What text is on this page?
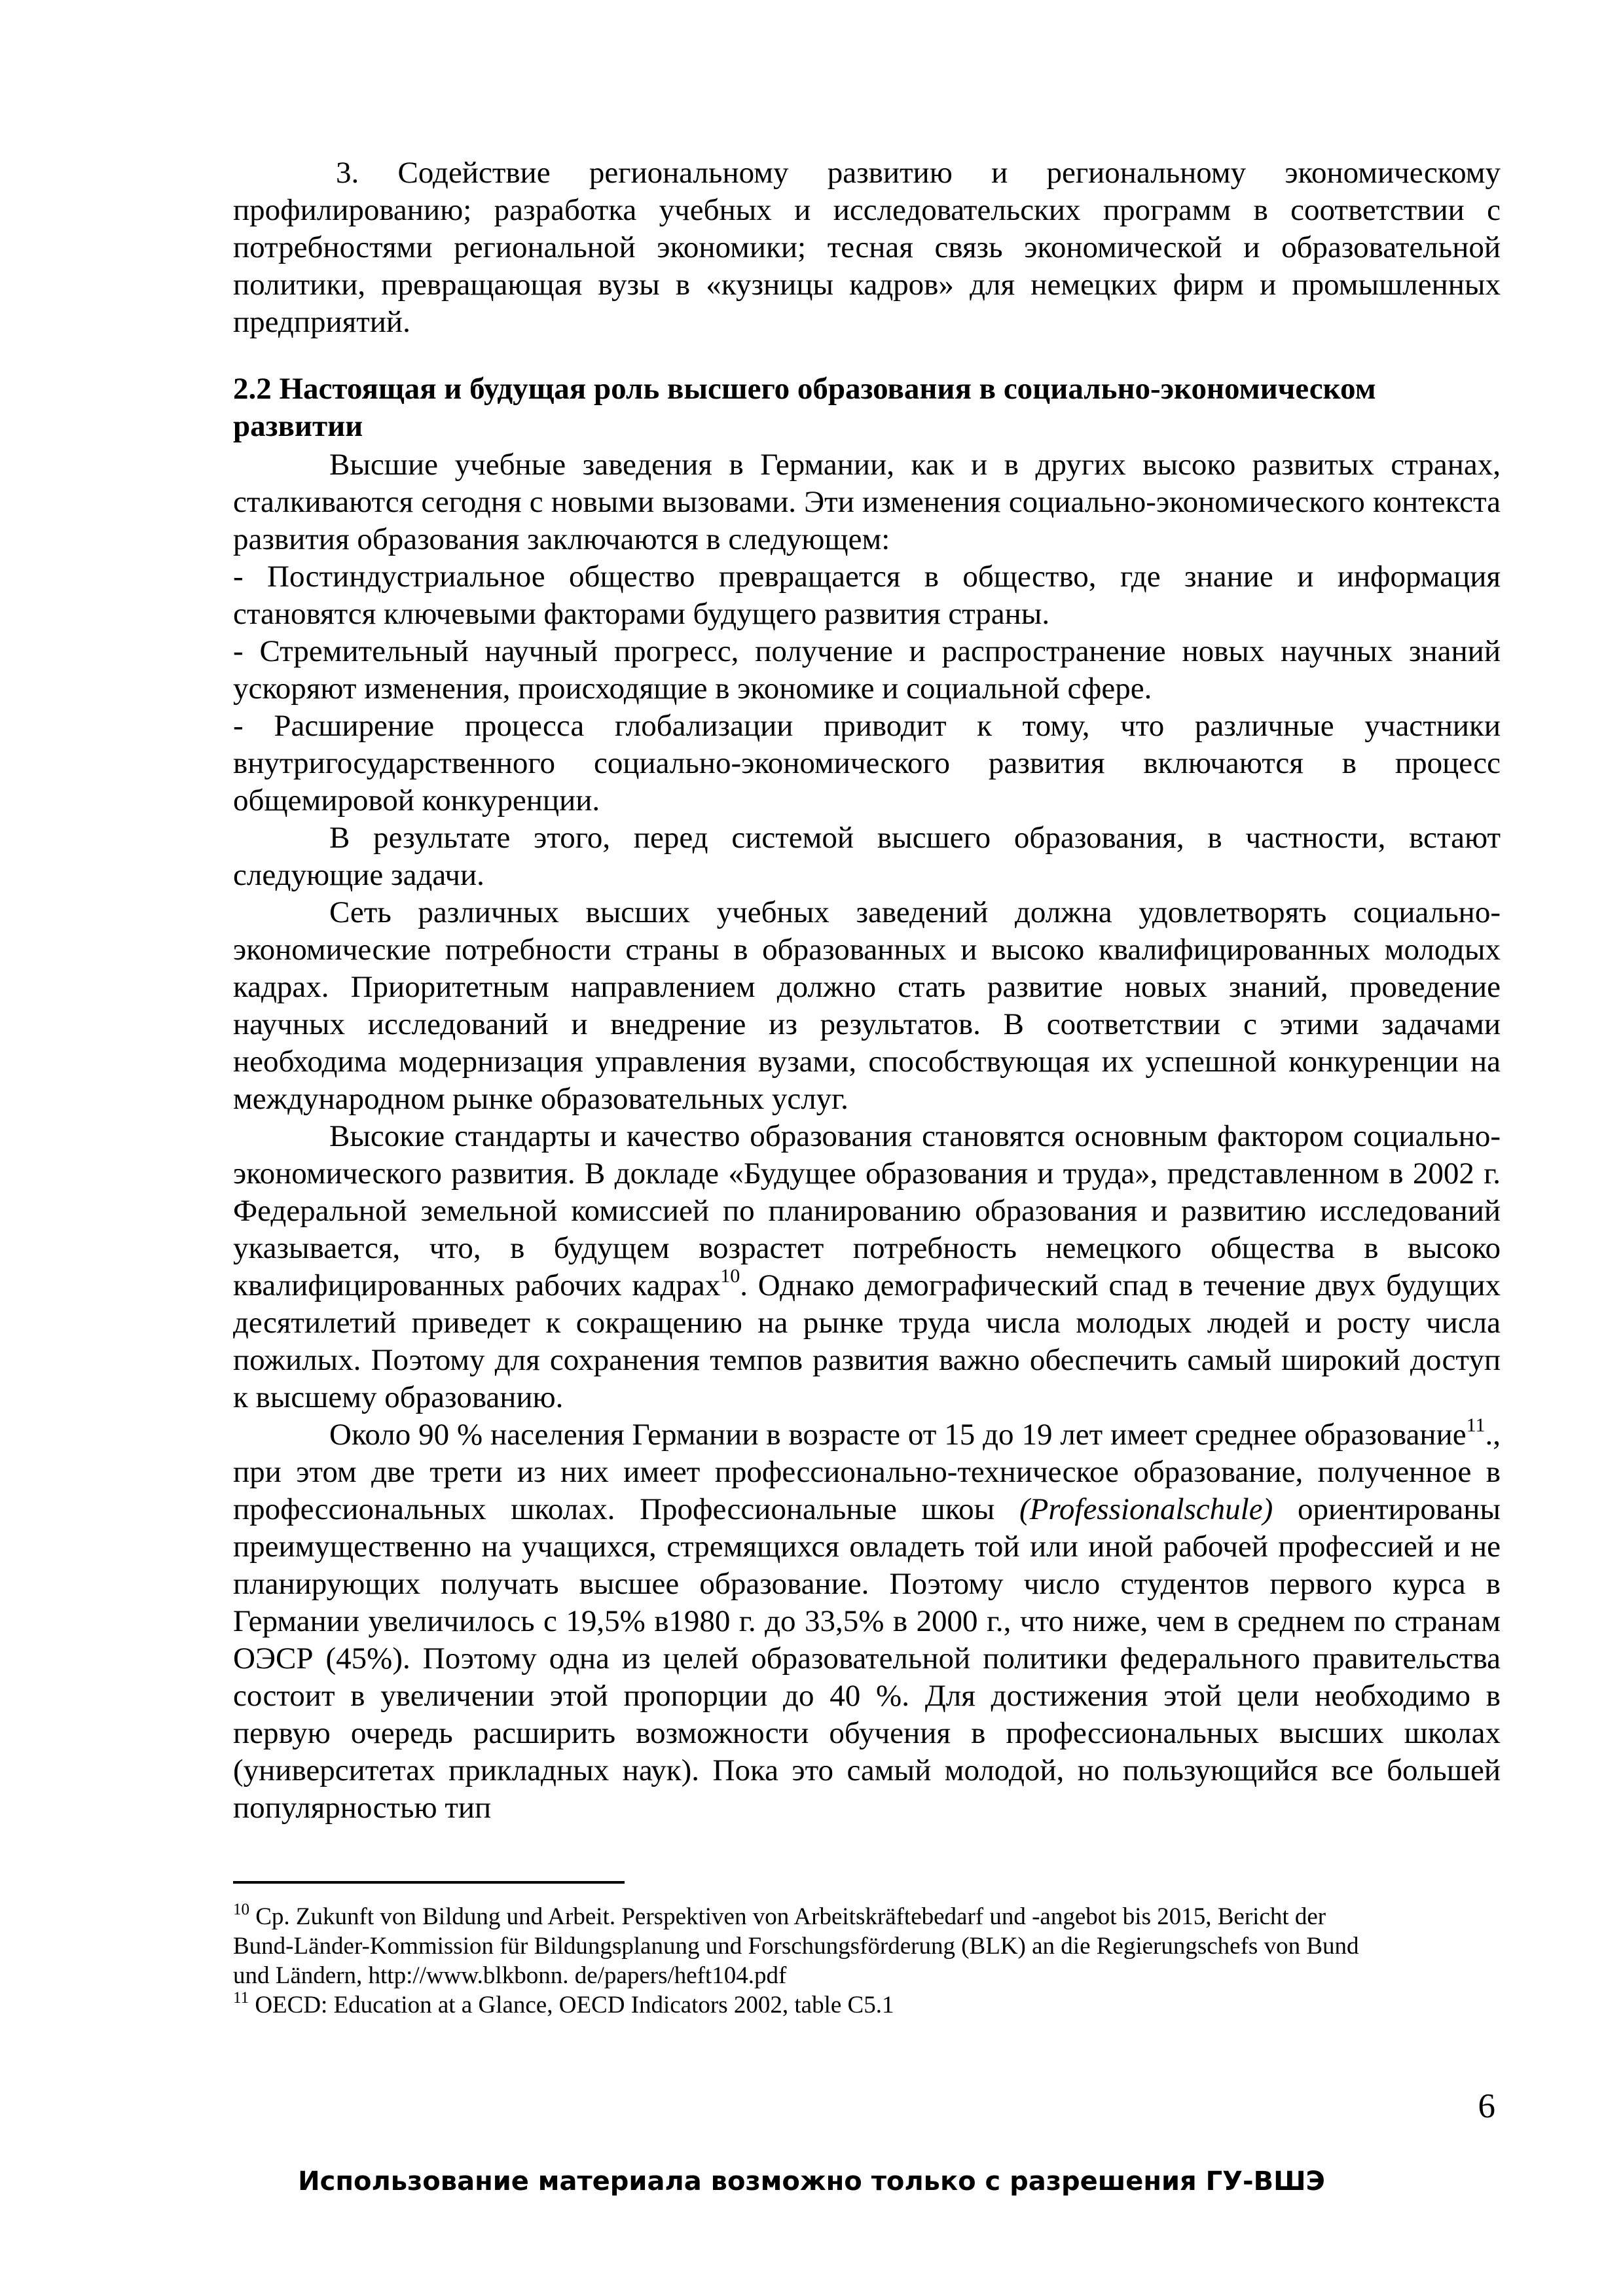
3. Содействие региональному развитию и региональному экономическому профилированию; разработка учебных и исследовательских программ в соответствии с потребностями региональной экономики; тесная связь экономической и образовательной политики, превращающая вузы в «кузницы кадров» для немецких фирм и промышленных предприятий.

2.2 Настоящая и будущая роль высшего образования в социально-экономическом развитии

Высшие учебные заведения в Германии, как и в других высоко развитых странах, сталкиваются сегодня с новыми вызовами. Эти изменения социально-экономического контекста развития образования заключаются в следующем:

- Постиндустриальное общество превращается в общество, где знание и информация становятся ключевыми факторами будущего развития страны.

- Стремительный научный прогресс, получение и распространение новых научных знаний ускоряют изменения, происходящие в экономике и социальной сфере.

- Расширение процесса глобализации приводит к тому, что различные участники внутригосударственного социально-экономического развития включаются в процесс общемировой конкуренции.

В результате этого, перед системой высшего образования, в частности, встают следующие задачи.

Сеть различных высших учебных заведений должна удовлетворять социально-экономические потребности страны в образованных и высоко квалифицированных молодых кадрах. Приоритетным направлением должно стать развитие новых знаний, проведение научных исследований и внедрение из результатов. В соответствии с этими задачами необходима модернизация управления вузами, способствующая их успешной конкуренции на международном рынке образовательных услуг.

Высокие стандарты и качество образования становятся основным фактором социально-экономического развития. В докладе «Будущее образования и труда», представленном в 2002 г. Федеральной земельной комиссией по планированию образования и развитию исследований указывается, что, в будущем возрастет потребность немецкого общества в высоко квалифицированных рабочих кадрах$^{10}$. Однако демографический спад в течение двух будущих десятилетий приведет к сокращению на рынке труда числа молодых людей и росту числа пожилых. Поэтому для сохранения темпов развития важно обеспечить самый широкий доступ к высшему образованию.

Около 90 % населения Германии в возрасте от 15 до 19 лет имеет среднее образование$^{11}$., при этом две трети из них имеет профессионально-техническое образование, полученное в профессиональных школах. Профессиональные шкоы (Professionalschule) ориентированы преимущественно на учащихся, стремящихся овладеть той или иной рабочей профессией и не планирующих получать высшее образование. Поэтому число студентов первого курса в Германии увеличилось с 19,5% в1980 г. до 33,5% в 2000 г., что ниже, чем в среднем по странам ОЭСР (45%). Поэтому одна из целей образовательной политики федерального правительства состоит в увеличении этой пропорции до 40 %. Для достижения этой цели необходимо в первую очередь расширить возможности обучения в профессиональных высших школах (университетах прикладных наук). Пока это самый молодой, но пользующийся все большей популярностью тип

$^{10}$ Cp. Zukunft von Bildung und Arbeit. Perspektiven von Arbeitskräftebedarf und -angebot bis 2015, Bericht der Bund-Länder-Kommission für Bildungsplanung und Forschungsförderung (BLK) an die Regierungschefs von Bund und Ländern, http://www.blkbonn. de/papers/heft104.pdf

$^{11}$ OECD: Education at a Glance, OECD Indicators 2002, table C5.1

6
Использование материала возможно только с разрешения ГУ-ВШЭ
